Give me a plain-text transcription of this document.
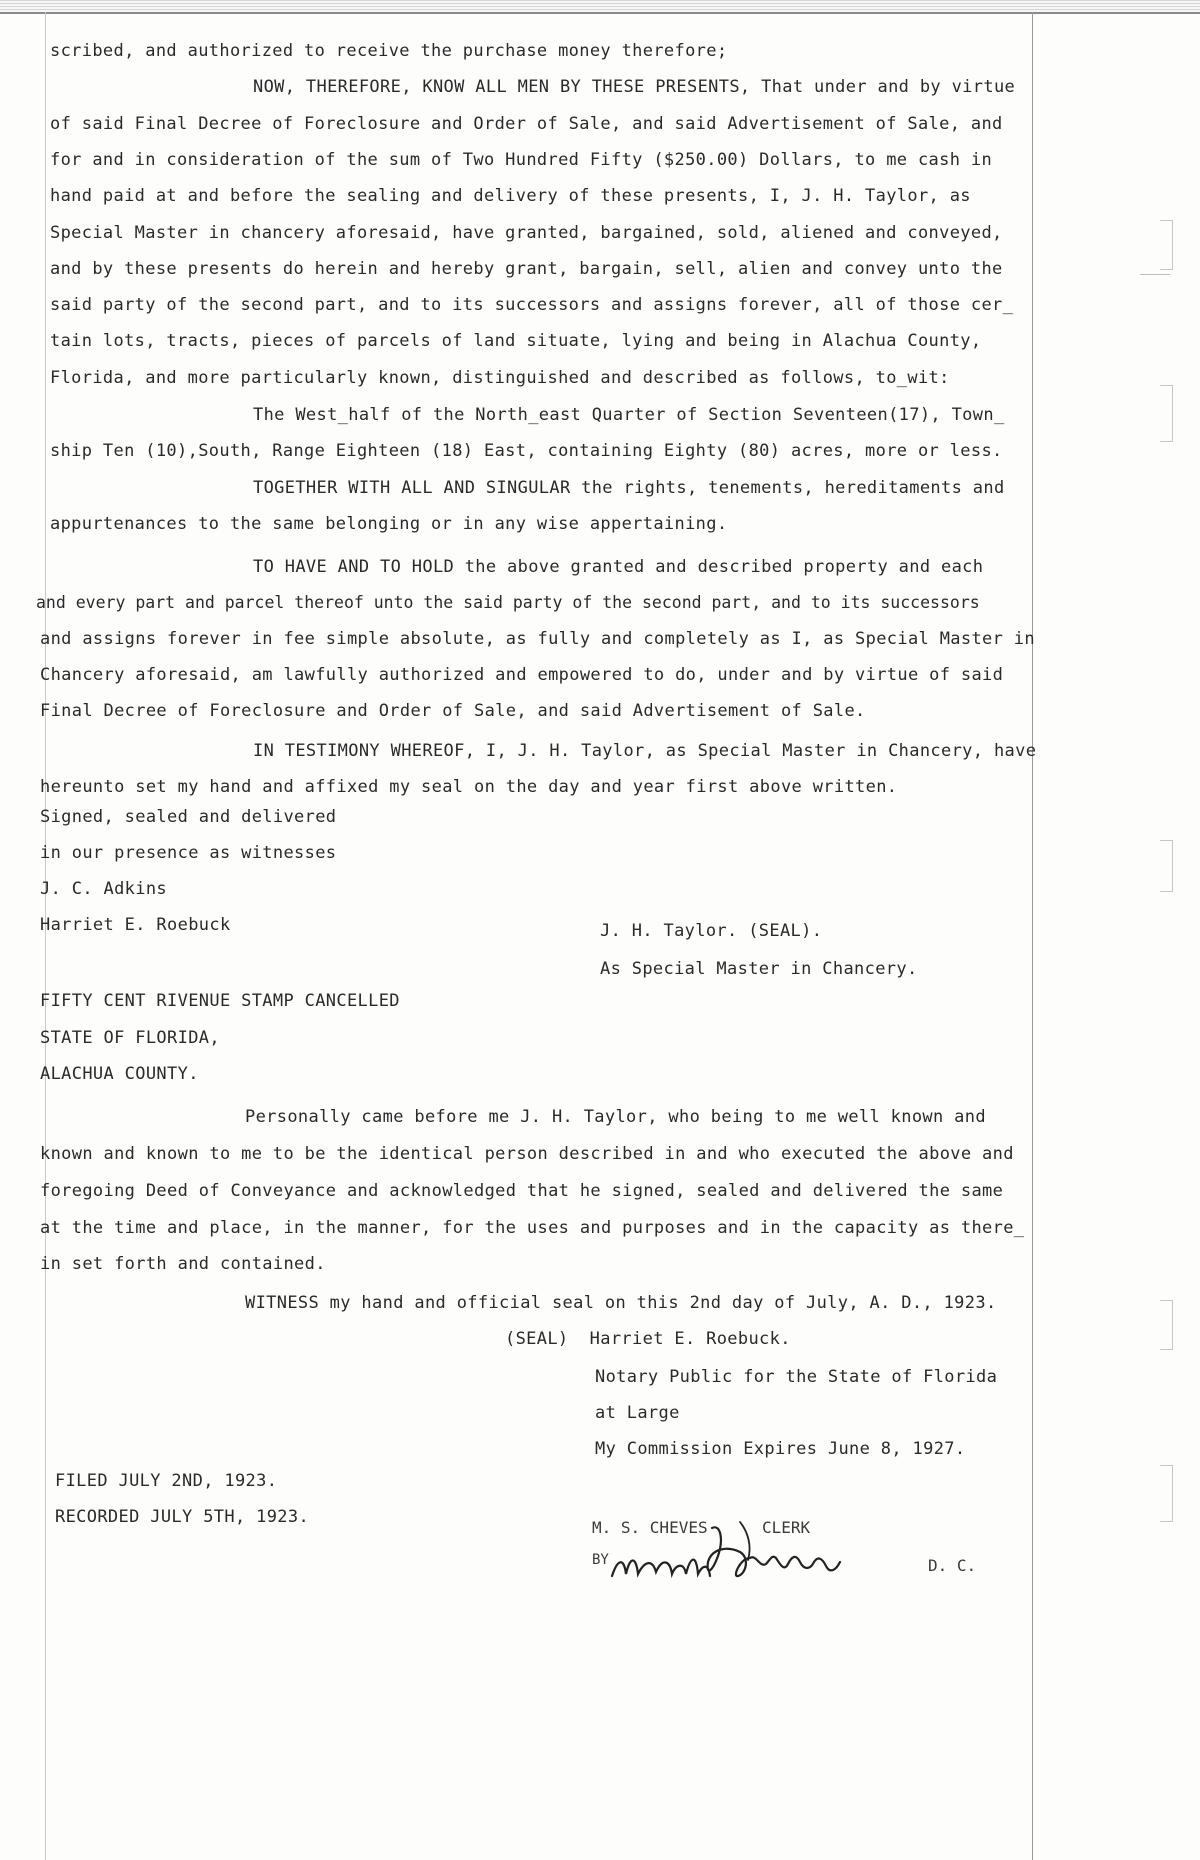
scribed, and authorized to receive the purchase money therefore;
NOW, THEREFORE, KNOW ALL MEN BY THESE PRESENTS, That under and by virtue
of said Final Decree of Foreclosure and Order of Sale, and said Advertisement of Sale, and
for and in consideration of the sum of Two Hundred Fifty ($250.00) Dollars, to me cash in
hand paid at and before the sealing and delivery of these presents, I, J. H. Taylor, as
Special Master in chancery aforesaid, have granted, bargained, sold, aliened and conveyed,
and by these presents do herein and hereby grant, bargain, sell, alien and convey unto the
said party of the second part, and to its successors and assigns forever, all of those cer_
tain lots, tracts, pieces of parcels of land situate, lying and being in Alachua County,
Florida, and more particularly known, distinguished and described as follows, to_wit:
The West_half of the North_east Quarter of Section Seventeen(17), Town_
ship Ten (10),South, Range Eighteen (18) East, containing Eighty (80) acres, more or less.
TOGETHER WITH ALL AND SINGULAR the rights, tenements, hereditaments and
appurtenances to the same belonging or in any wise appertaining.
TO HAVE AND TO HOLD the above granted and described property and each
and every part and parcel thereof unto the said party of the second part, and to its successors
and assigns forever in fee simple absolute, as fully and completely as I, as Special Master in
Chancery aforesaid, am lawfully authorized and empowered to do, under and by virtue of said
Final Decree of Foreclosure and Order of Sale, and said Advertisement of Sale.
IN TESTIMONY WHEREOF, I, J. H. Taylor, as Special Master in Chancery, have
hereunto set my hand and affixed my seal on the day and year first above written.
Signed, sealed and delivered
in our presence as witnesses
J. C. Adkins
Harriet E. Roebuck	J. H. Taylor. (SEAL).
As Special Master in Chancery.
FIFTY CENT RIVENUE STAMP CANCELLED
STATE OF FLORIDA,
ALACHUA COUNTY.
Personally came before me J. H. Taylor, who being to me well known and
known and known to me to be the identical person described in and who executed the above and
foregoing Deed of Conveyance and acknowledged that he signed, sealed and delivered the same
at the time and place, in the manner, for the uses and purposes and in the capacity as there_
in set forth and contained.
WITNESS my hand and official seal on this 2nd day of July, A. D., 1923.
(SEAL)  Harriet E. Roebuck.
Notary Public for the State of Florida
at Large
My Commission Expires June 8, 1927.
FILED JULY 2ND, 1923.
RECORDED JULY 5TH, 1923.
M. S. CHEVES	CLERK
BY	D. C.
